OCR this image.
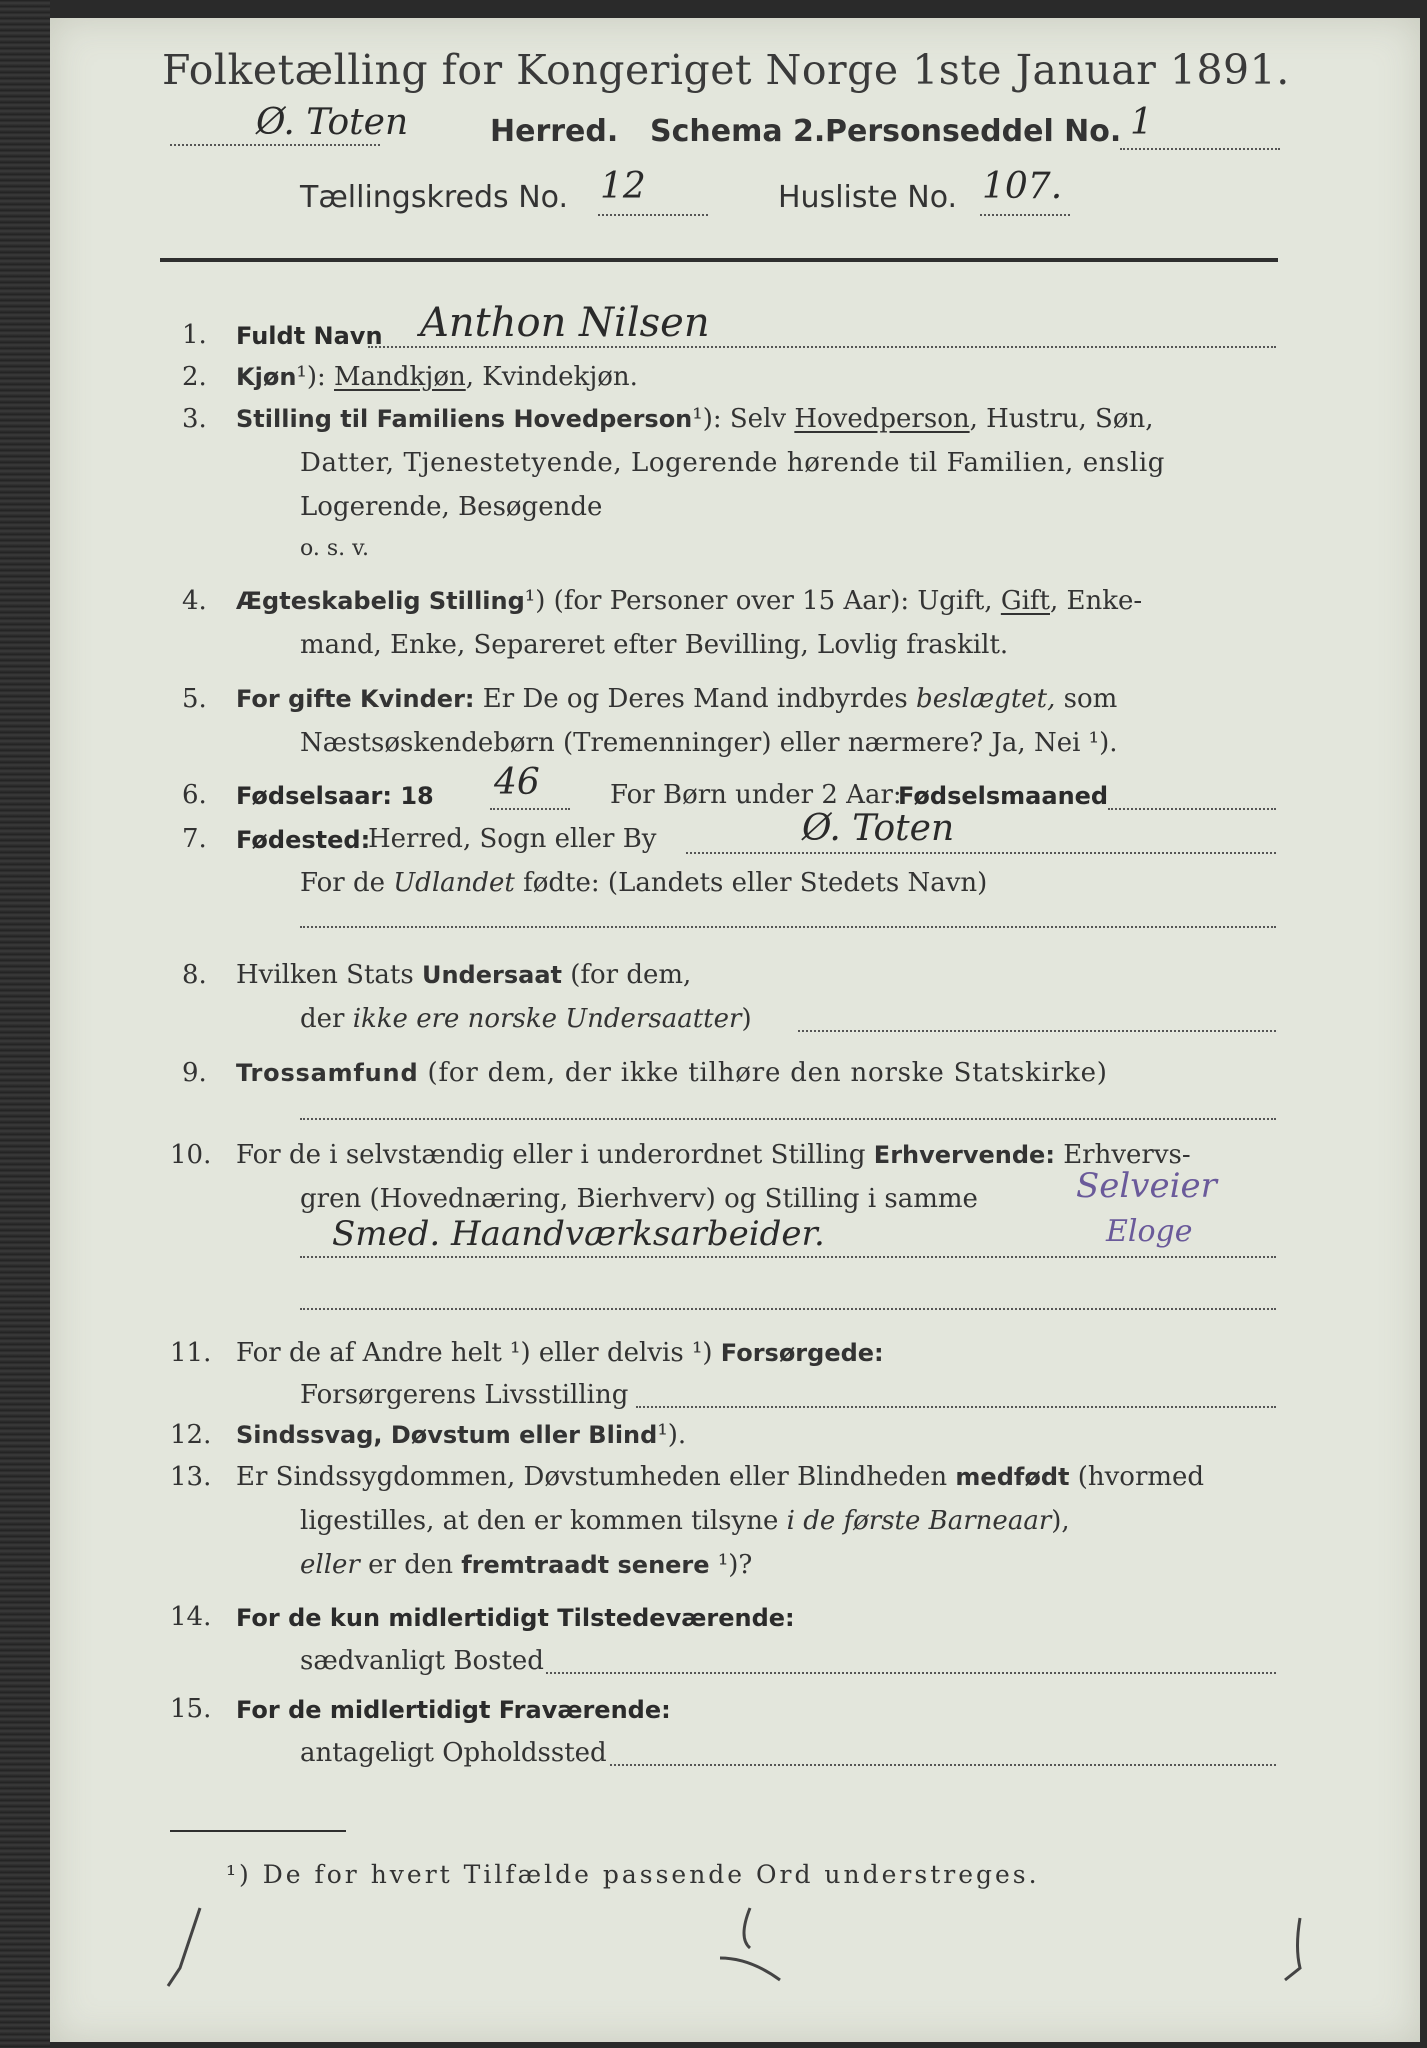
Folketælling for Kongeriget Norge 1ste Januar 1891.
Ø. Toten	Herred. Schema 2. Personseddel No. 1
Tællingskreds No. 12	Husliste No. 107.
1. Fuldt Navn Anthon Nilsen
2. Kjøn¹): Mandkjøn, Kvindekjøn.
3. Stilling til Familiens Hovedperson¹): Selv Hovedperson, Hustru, Søn,
Datter, Tjenestetyende, Logerende hørende til Familien, enslig
Logerende, Besøgende
o. s. v.
4. Ægteskabelig Stilling¹) (for Personer over 15 Aar): Ugift, Gift, Enke-
mand, Enke, Separeret efter Bevilling, Lovlig fraskilt.
5. For gifte Kvinder: Er De og Deres Mand indbyrdes beslægtet, som
Næstsøskendebørn (Tremenninger) eller nærmere? Ja, Nei ¹).
6. Fødselsaar: 18 46	For Børn under 2 Aar:
Fødselsmaaned
7. Fødested:
Herred, Sogn eller By	Ø. Toten
For de Udlandet fødte: (Landets eller Stedets Navn)
8. Hvilken Stats Undersaat (for dem,
der ikke ere norske Undersaatter)
9. Trossamfund (for dem, der ikke tilhøre den norske Statskirke)
10. For de i selvstændig eller i underordnet Stilling Erhvervende: Erhvervs-
gren (Hovednæring, Bierhverv) og Stilling i samme	Selveier
Smed. Haandværksarbeider.	Eloge
11. For de af Andre helt ¹) eller delvis ¹) Forsørgede:
Forsørgerens Livsstilling
12. Sindssvag, Døvstum eller Blind¹).
13. Er Sindssygdommen, Døvstumheden eller Blindheden medfødt (hvormed
ligestilles, at den er kommen tilsyne i de første Barneaar),
eller er den fremtraadt senere ¹)?
14. For de kun midlertidigt Tilstedeværende:
sædvanligt Bosted
15. For de midlertidigt Fraværende:
antageligt Opholdssted
¹) De for hvert Tilfælde passende Ord understreges.
